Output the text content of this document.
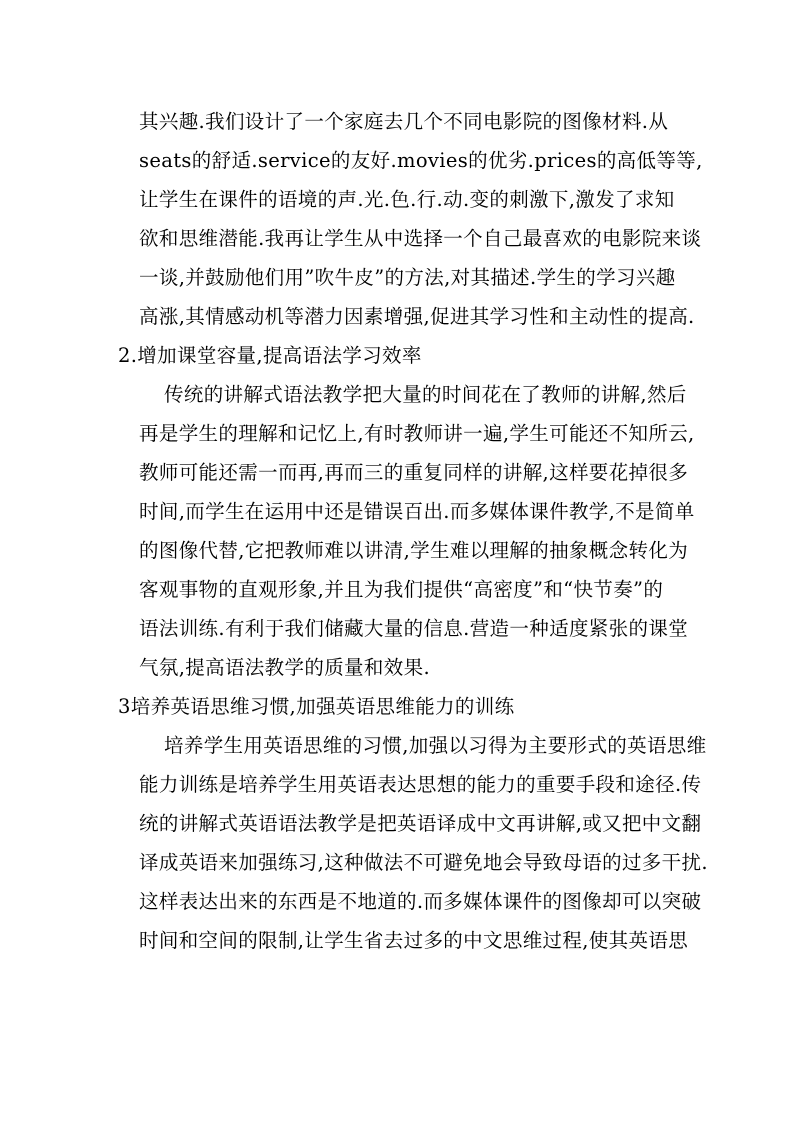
其兴趣.我们设计了一个家庭去几个不同电影院的图像材料.从
seats的舒适.service的友好.movies的优劣.prices的高低等等,
让学生在课件的语境的声.光.色.行.动.变的刺激下,激发了求知
欲和思维潜能.我再让学生从中选择一个自己最喜欢的电影院来谈
一谈,并鼓励他们用”吹牛皮”的方法,对其描述.学生的学习兴趣
高涨,其情感动机等潜力因素增强,促进其学习性和主动性的提高.
2.增加课堂容量,提高语法学习效率
传统的讲解式语法教学把大量的时间花在了教师的讲解,然后
再是学生的理解和记忆上,有时教师讲一遍,学生可能还不知所云,
教师可能还需一而再,再而三的重复同样的讲解,这样要花掉很多
时间,而学生在运用中还是错误百出.而多媒体课件教学,不是简单
的图像代替,它把教师难以讲清,学生难以理解的抽象概念转化为
客观事物的直观形象,并且为我们提供“高密度”和“快节奏”的
语法训练.有利于我们储藏大量的信息.营造一种适度紧张的课堂
气氛,提高语法教学的质量和效果.
3培养英语思维习惯,加强英语思维能力的训练
培养学生用英语思维的习惯,加强以习得为主要形式的英语思维
能力训练是培养学生用英语表达思想的能力的重要手段和途径.传
统的讲解式英语语法教学是把英语译成中文再讲解,或又把中文翻
译成英语来加强练习,这种做法不可避免地会导致母语的过多干扰.
这样表达出来的东西是不地道的.而多媒体课件的图像却可以突破
时间和空间的限制,让学生省去过多的中文思维过程,使其英语思
